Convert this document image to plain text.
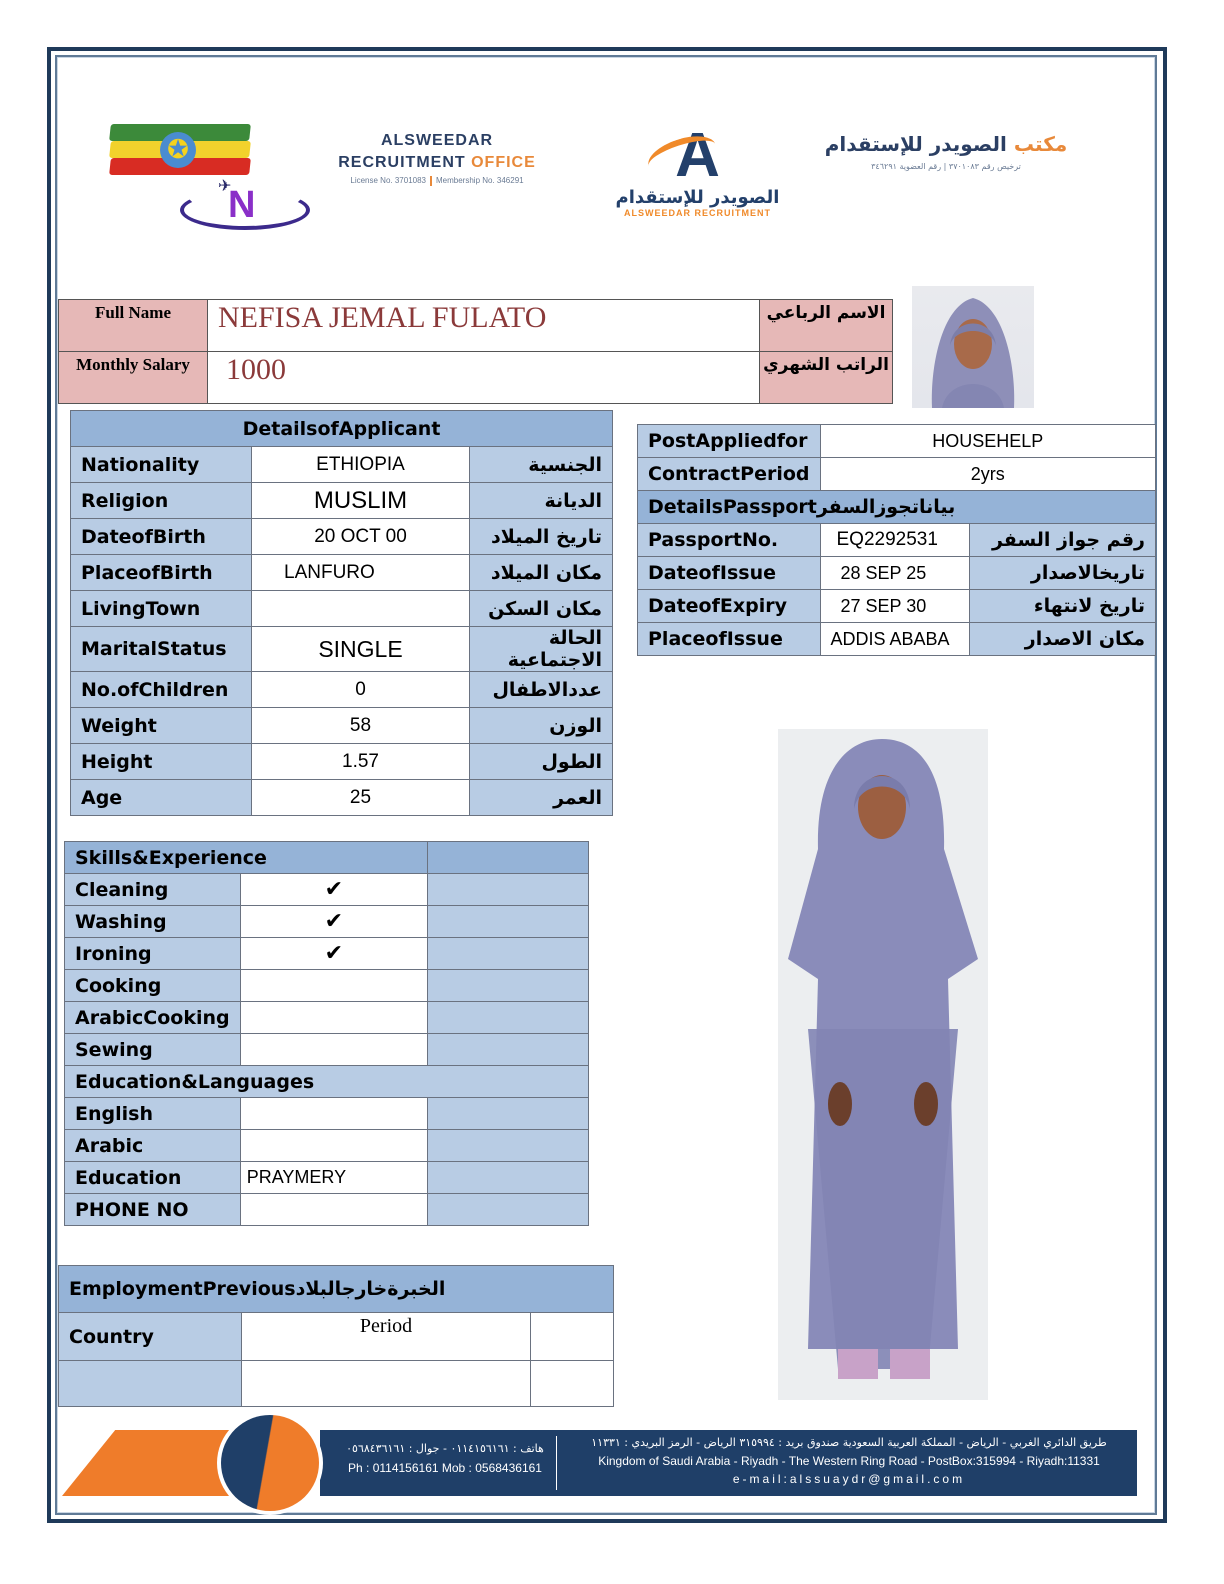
✪
✈
N
ALSWEEDAR
RECRUITMENT OFFICE
License No. 3701083 Membership No. 346291	A
الصويدر للإستقدام
ALSWEEDAR RECRUITMENT
مكتب الصويدر للإستقدام
ترخيص رقم ٣٧٠١٠٨٣ | رقم العضوية ٣٤٦٢٩١
Full Name	NEFISA JEMAL FULATO	الاسم الرباعي
Monthly Salary	1000	الراتب الشهري
DetailsofApplicant		
Nationality	ETHIOPIA	الجنسية
Religion	MUSLIM	الديانة
DateofBirth	20 OCT 00	تاريخ الميلاد
PlaceofBirth	LANFURO	مكان الميلاد
LivingTown		مكان السكن
MaritalStatus	SINGLE	الحالة الاجتماعية
No.ofChildren	0	عددالاطفال
Weight	58	الوزن
Height	1.57	الطول
Age	25	العمر
PostAppliedfor	HOUSEHELP	
ContractPeriod	2yrs	
DetailsPassportبياناتجوزالسفر		
PassportNo.	EQ2292531	رقم جواز السفر
DateofIssue	28 SEP 25	تاريخالاصدار
DateofExpiry	27 SEP 30	تاريخ لانتهاء
PlaceofIssue	ADDIS ABABA	مكان الاصدار
Skills&Experience		
Cleaning	✔	
Washing	✔	
Ironing	✔	
Cooking		
ArabicCooking		
Sewing		
Education&Languages		
English		
Arabic		
Education	PRAYMERY	
PHONE NO		
EmploymentPreviousالخبرةخارجالبلاد		
Country	Period	

هاتف : ٠١١٤١٥٦١٦١ - جوال : ٠٥٦٨٤٣٦١٦١
Ph : 0114156161 Mob : 0568436161
طريق الدائري الغربي - الرياض - المملكة العربية السعودية صندوق بريد : ٣١٥٩٩٤ الرياض - الرمز البريدي : ١١٣٣١
Kingdom of Saudi Arabia - Riyadh - The Western Ring Road - PostBox:315994 - Riyadh:11331
e-mail:alssuaydr@gmail.com
